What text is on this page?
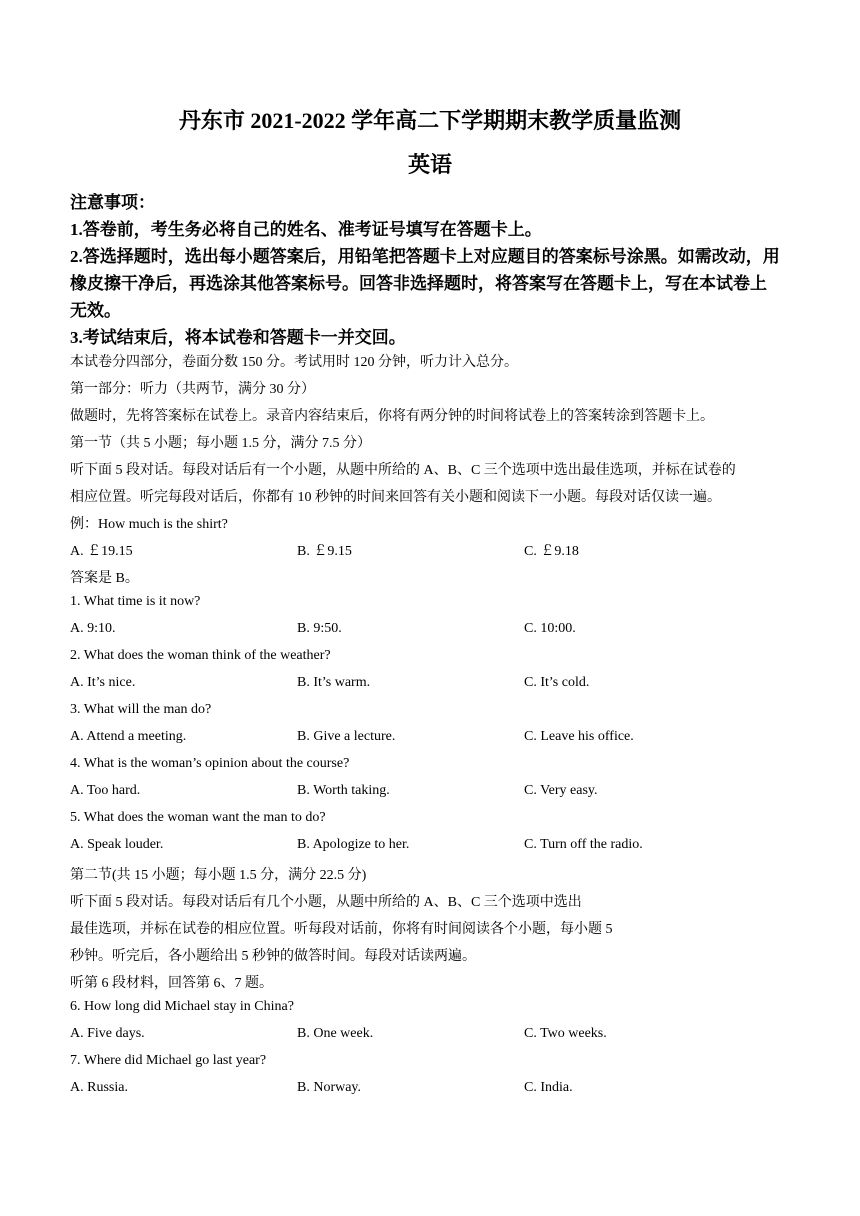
丹东市 2021-2022 学年高二下学期期末教学质量监测
英语
注意事项：
1.答卷前，考生务必将自己的姓名、准考证号填写在答题卡上。
2.答选择题时，选出每小题答案后，用铅笔把答题卡上对应题目的答案标号涂黑。如需改动，用
橡皮擦干净后，再选涂其他答案标号。回答非选择题时，将答案写在答题卡上，写在本试卷上
无效。
3.考试结束后，将本试卷和答题卡一并交回。
本试卷分四部分，卷面分数 150 分。考试用时 120 分钟，听力计入总分。
第一部分：听力（共两节，满分 30 分）
做题时，先将答案标在试卷上。录音内容结束后，你将有两分钟的时间将试卷上的答案转涂到答题卡上。
第一节（共 5 小题；每小题 1.5 分，满分 7.5 分）
听下面 5 段对话。每段对话后有一个小题，从题中所给的 A、B、C 三个选项中选出最佳选项，并标在试卷的
相应位置。听完每段对话后，你都有 10 秒钟的时间来回答有关小题和阅读下一小题。每段对话仅读一遍。
例：How much is the shirt?
A. ￡19.15	B. ￡9.15	C. ￡9.18
答案是 B。
1. What time is it now?
A. 9:10.	B. 9:50.	C. 10:00.
2. What does the woman think of the weather?
A. It’s nice.	B. It’s warm.	C. It’s cold.
3. What will the man do?
A. Attend a meeting.	B. Give a lecture.	C. Leave his office.
4. What is the woman’s opinion about the course?
A. Too hard.	B. Worth taking.	C. Very easy.
5. What does the woman want the man to do?
A. Speak louder.	B. Apologize to her.	C. Turn off the radio.
第二节(共 15 小题；每小题 1.5 分，满分 22.5 分)
听下面 5 段对话。每段对话后有几个小题，从题中所给的 A、B、C 三个选项中选出
最佳选项，并标在试卷的相应位置。听每段对话前，你将有时间阅读各个小题，每小题 5
秒钟。听完后，各小题给出 5 秒钟的做答时间。每段对话读两遍。
听第 6 段材料，回答第 6、7 题。
6. How long did Michael stay in China?
A. Five days.	B. One week.	C. Two weeks.
7. Where did Michael go last year?
A. Russia.	B. Norway.	C. India.
